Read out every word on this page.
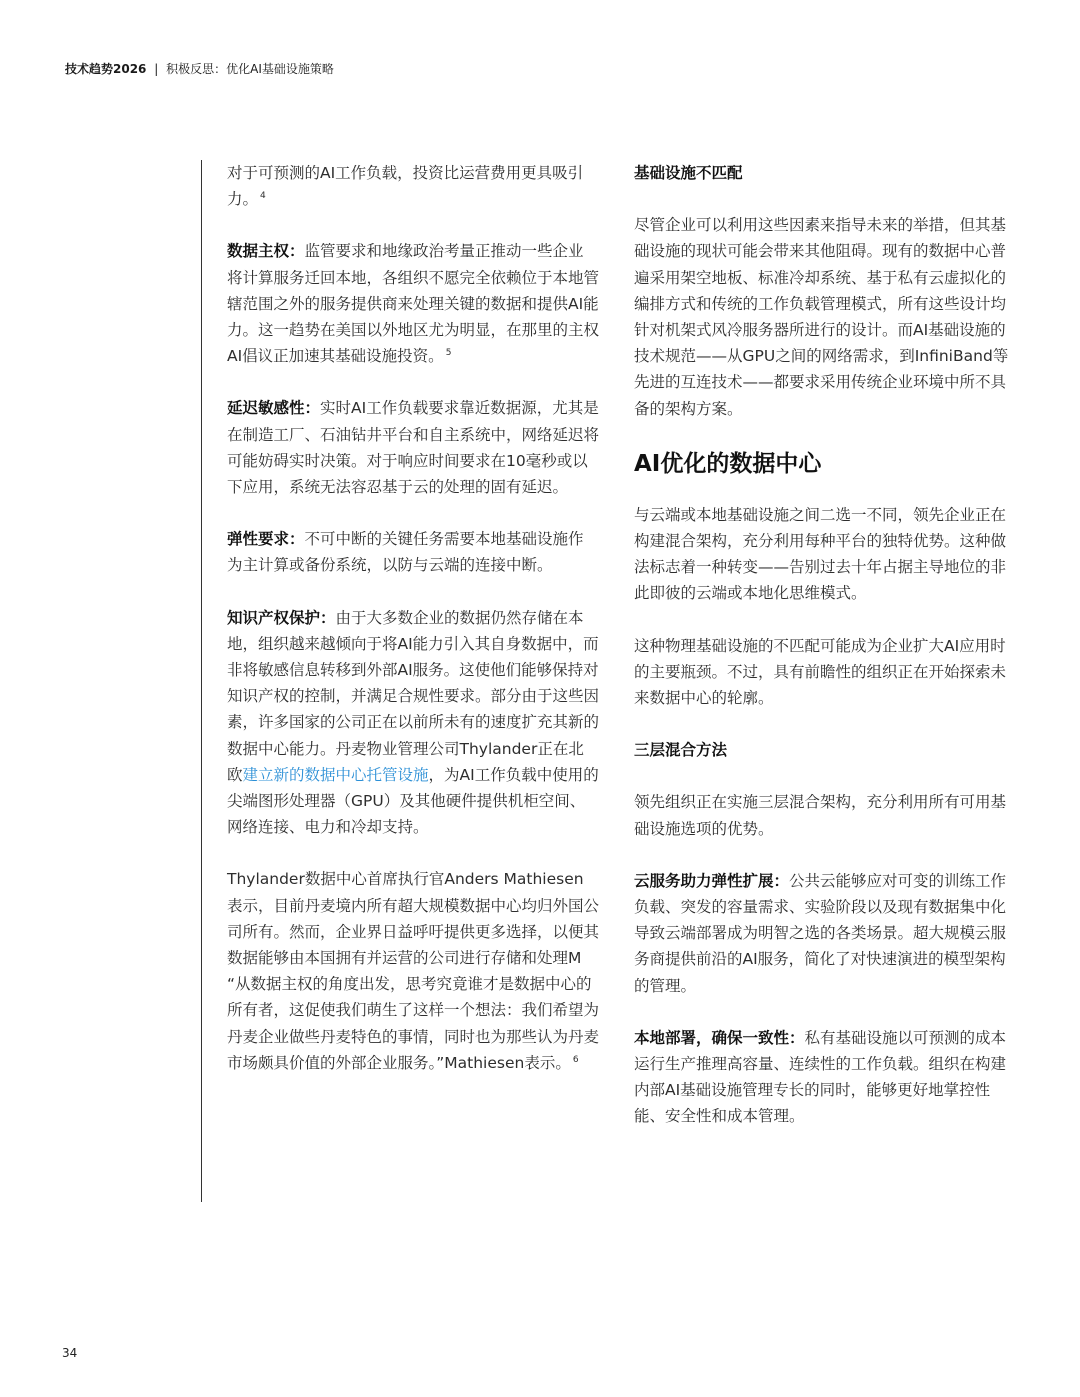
技术趋势2026 | 积极反思：优化AI基础设施策略

对于可预测的AI工作负载，投资比运营费用更具吸引力。 $^4$

数据主权：监管要求和地缘政治考量正推动一些企业将计算服务迁回本地，各组织不愿完全依赖位于本地管辖范围之外的服务提供商来处理关键的数据和提供AI能力。这一趋势在美国以外地区尤为明显，在那里的主权AI倡议正加速其基础设施投资。 $^5$

延迟敏感性：实时AI工作负载要求靠近数据源，尤其是在制造工厂、石油钻井平台和自主系统中，网络延迟将可能妨碍实时决策。对于响应时间要求在10毫秒或以下应用，系统无法容忍基于云的处理的固有延迟。

弹性要求：不可中断的关键任务需要本地基础设施作为主计算或备份系统，以防与云端的连接中断。

知识产权保护：由于大多数企业的数据仍然存储在本地，组织越来越倾向于将AI能力引入其自身数据中，而非将敏感信息转移到外部AI服务。这使他们能够保持对知识产权的控制，并满足合规性要求。部分由于这些因素，许多国家的公司正在以前所未有的速度扩充其新的数据中心能力。丹麦物业管理公司Thylander正在北欧建立新的数据中心托管设施，为AI工作负载中使用的尖端图形处理器（GPU）及其他硬件提供机柜空间、网络连接、电力和冷却支持。

Thylander数据中心首席执行官Anders Mathiesen表示，目前丹麦境内所有超大规模数据中心均归外国公司所有。然而，企业界日益呼吁提供更多选择，以便其数据能够由本国拥有并运营的公司进行存储和处理M “从数据主权的角度出发，思考究竟谁才是数据中心的所有者，这促使我们萌生了这样一个想法：我们希望为丹麦企业做些丹麦特色的事情，同时也为那些认为丹麦市场颇具价值的外部企业服务。”Mathiesen表示。 $^6$

基础设施不匹配

尽管企业可以利用这些因素来指导未来的举措，但其基础设施的现状可能会带来其他阻碍。现有的数据中心普遍采用架空地板、标准冷却系统、基于私有云虚拟化的编排方式和传统的工作负载管理模式，所有这些设计均针对机架式风冷服务器所进行的设计。而AI基础设施的技术规范——从GPU之间的网络需求，到InfiniBand等先进的互连技术——都要求采用传统企业环境中所不具备的架构方案。

AI优化的数据中心

与云端或本地基础设施之间二选一不同，领先企业正在构建混合架构，充分利用每种平台的独特优势。这种做法标志着一种转变——告别过去十年占据主导地位的非此即彼的云端或本地化思维模式。

这种物理基础设施的不匹配可能成为企业扩大AI应用时的主要瓶颈。不过，具有前瞻性的组织正在开始探索未来数据中心的轮廓。

三层混合方法

领先组织正在实施三层混合架构，充分利用所有可用基础设施选项的优势。

云服务助力弹性扩展：公共云能够应对可变的训练工作负载、突发的容量需求、实验阶段以及现有数据集中化导致云端部署成为明智之选的各类场景。超大规模云服务商提供前沿的AI服务，简化了对快速演进的模型架构的管理。

本地部署，确保一致性：私有基础设施以可预测的成本运行生产推理高容量、连续性的工作负载。组织在构建内部AI基础设施管理专长的同时，能够更好地掌控性能、安全性和成本管理。

34
